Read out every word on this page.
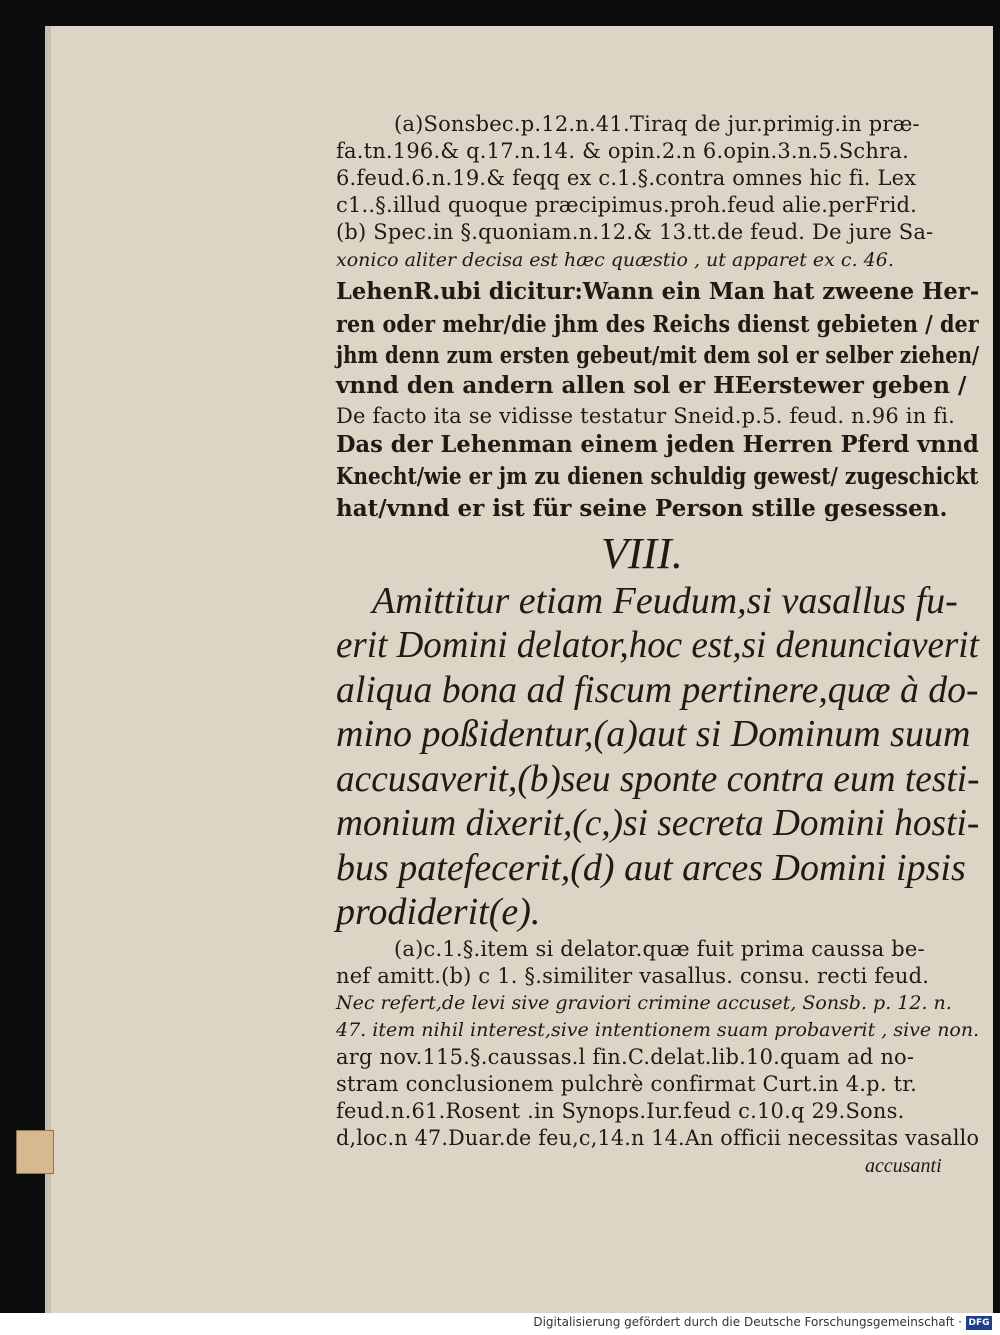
(a)Sonsbec.p.12.n.41.Tiraq de jur.primig.in præ-
fa.tn.196.& q.17.n.14. & opin.2.n 6.opin.3.n.5.Schra.
6.feud.6.n.19.& feqq ex c.1.§.contra omnes hic fi. Lex
c1..§.illud quoque præcipimus.proh.feud alie.perFrid.
(b) Spec.in §.quoniam.n.12.& 13.tt.de feud. De jure Sa-
xonico aliter decisa est hæc quæstio , ut apparet ex c. 46.
LehenR.ubi dicitur:Wann ein Man hat zweene Her-
ren oder mehr/die jhm des Reichs dienst gebieten / der
jhm denn zum ersten gebeut/mit dem sol er selber ziehen/
vnnd den andern allen sol er HEerstewer geben /
De facto ita se vidisse testatur Sneid.p.5. feud. n.96 in fi.
Das der Lehenman einem jeden Herren Pferd vnnd
Knecht/wie er jm zu dienen schuldig gewest/ zugeschickt
hat/vnnd er ist für seine Person stille gesessen.
VIII.
Amittitur etiam Feudum,si vasallus fu-
erit Domini delator,hoc est,si denunciaverit
aliqua bona ad fiscum pertinere,quæ à do-
mino poßidentur,(a)aut si Dominum suum
accusaverit,(b)seu sponte contra eum testi-
monium dixerit,(c,)si secreta Domini hosti-
bus patefecerit,(d) aut arces Domini ipsis
prodiderit(e).
(a)c.1.§.item si delator.quæ fuit prima caussa be-
nef amitt.(b) c 1. §.similiter vasallus. consu. recti feud.
Nec refert,de levi sive graviori crimine accuset, Sonsb. p. 12. n.
47. item nihil interest,sive intentionem suam probaverit , sive non.
arg nov.115.§.caussas.l fin.C.delat.lib.10.quam ad no-
stram conclusionem pulchrè confirmat Curt.in 4.p. tr.
feud.n.61.Rosent .in Synops.Iur.feud c.10.q 29.Sons.
d,loc.n 47.Duar.de feu,c,14.n 14.An officii necessitas vasallo
accusanti
Digitalisierung gefördert durch die Deutsche Forschungsgemeinschaft · DFG
